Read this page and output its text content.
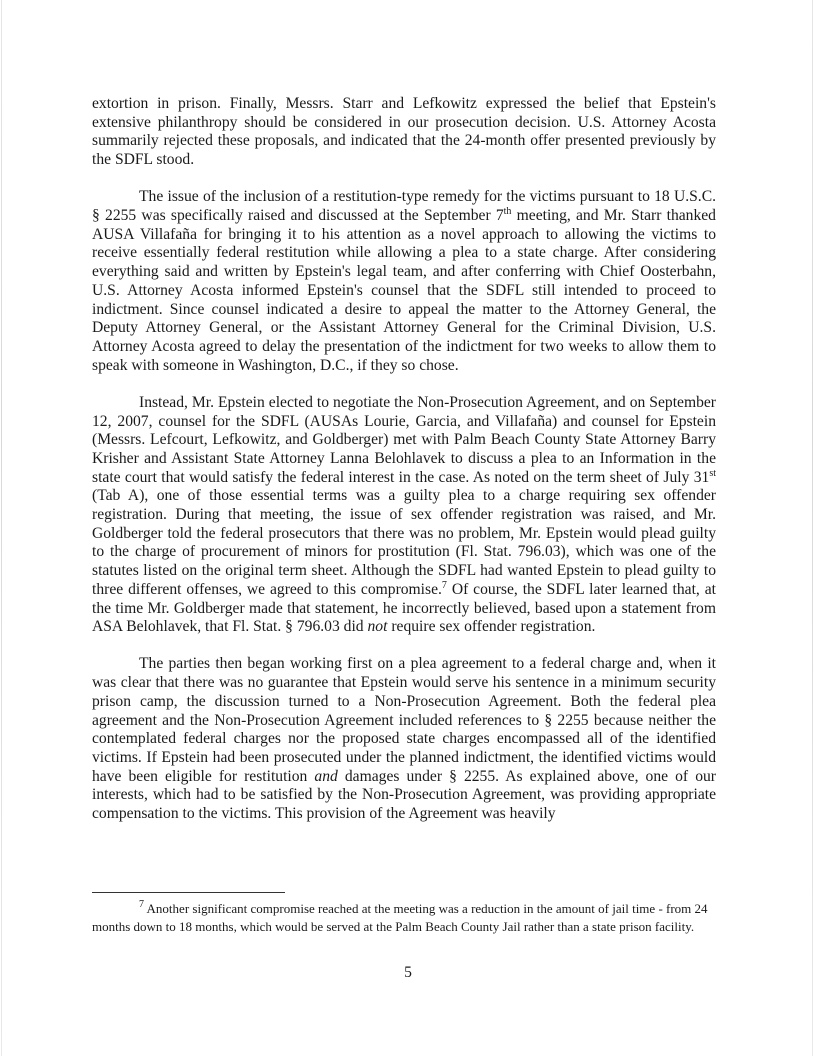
extortion in prison. Finally, Messrs. Starr and Lefkowitz expressed the belief that Epstein's extensive philanthropy should be considered in our prosecution decision. U.S. Attorney Acosta summarily rejected these proposals, and indicated that the 24-month offer presented previously by the SDFL stood.

The issue of the inclusion of a restitution-type remedy for the victims pursuant to 18 U.S.C. § 2255 was specifically raised and discussed at the September 7th meeting, and Mr. Starr thanked AUSA Villafaña for bringing it to his attention as a novel approach to allowing the victims to receive essentially federal restitution while allowing a plea to a state charge. After considering everything said and written by Epstein's legal team, and after conferring with Chief Oosterbahn, U.S. Attorney Acosta informed Epstein's counsel that the SDFL still intended to proceed to indictment. Since counsel indicated a desire to appeal the matter to the Attorney General, the Deputy Attorney General, or the Assistant Attorney General for the Criminal Division, U.S. Attorney Acosta agreed to delay the presentation of the indictment for two weeks to allow them to speak with someone in Washington, D.C., if they so chose.

Instead, Mr. Epstein elected to negotiate the Non-Prosecution Agreement, and on September 12, 2007, counsel for the SDFL (AUSAs Lourie, Garcia, and Villafaña) and counsel for Epstein (Messrs. Lefcourt, Lefkowitz, and Goldberger) met with Palm Beach County State Attorney Barry Krisher and Assistant State Attorney Lanna Belohlavek to discuss a plea to an Information in the state court that would satisfy the federal interest in the case. As noted on the term sheet of July 31st (Tab A), one of those essential terms was a guilty plea to a charge requiring sex offender registration. During that meeting, the issue of sex offender registration was raised, and Mr. Goldberger told the federal prosecutors that there was no problem, Mr. Epstein would plead guilty to the charge of procurement of minors for prostitution (Fl. Stat. 796.03), which was one of the statutes listed on the original term sheet. Although the SDFL had wanted Epstein to plead guilty to three different offenses, we agreed to this compromise.$^7$ Of course, the SDFL later learned that, at the time Mr. Goldberger made that statement, he incorrectly believed, based upon a statement from ASA Belohlavek, that Fl. Stat. § 796.03 did not require sex offender registration.

The parties then began working first on a plea agreement to a federal charge and, when it was clear that there was no guarantee that Epstein would serve his sentence in a minimum security prison camp, the discussion turned to a Non-Prosecution Agreement. Both the federal plea agreement and the Non-Prosecution Agreement included references to § 2255 because neither the contemplated federal charges nor the proposed state charges encompassed all of the identified victims. If Epstein had been prosecuted under the planned indictment, the identified victims would have been eligible for restitution and damages under § 2255. As explained above, one of our interests, which had to be satisfied by the Non-Prosecution Agreement, was providing appropriate compensation to the victims. This provision of the Agreement was heavily

$^7$ Another significant compromise reached at the meeting was a reduction in the amount of jail time - from 24 months down to 18 months, which would be served at the Palm Beach County Jail rather than a state prison facility.
5
